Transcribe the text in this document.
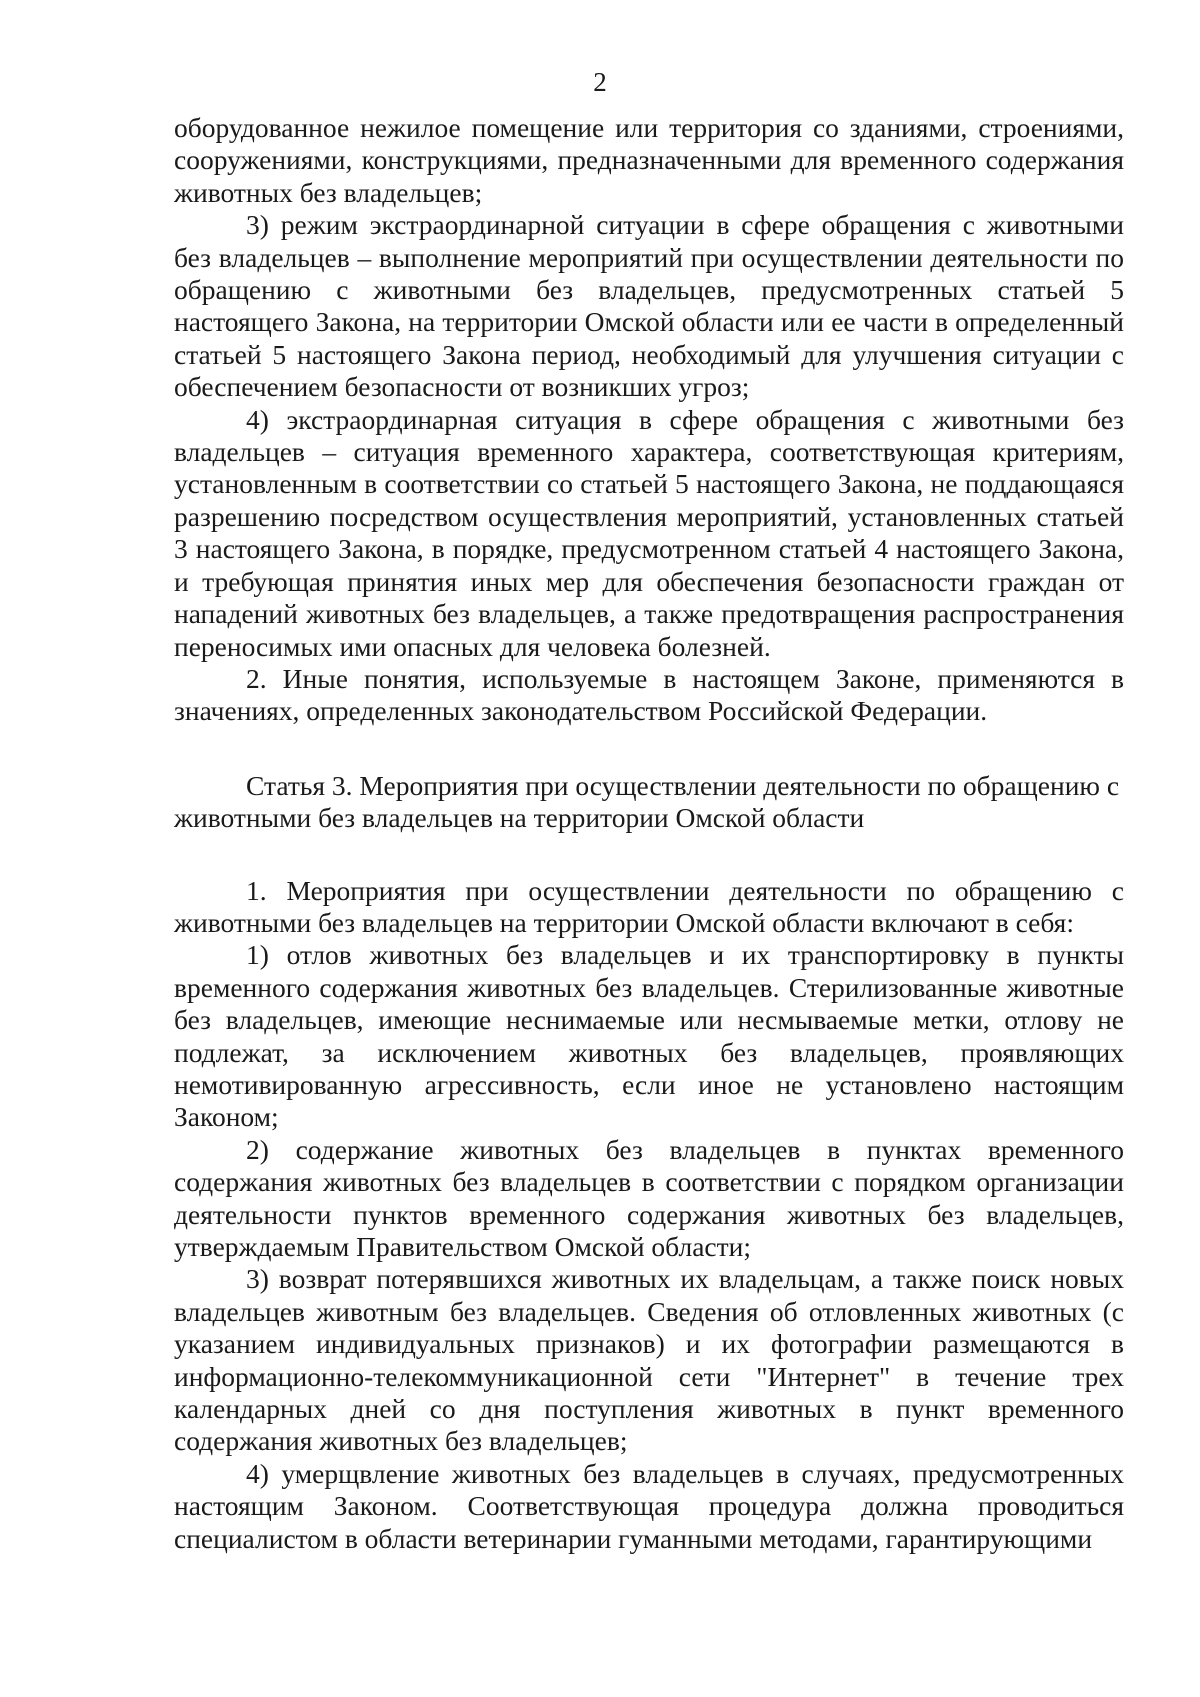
2

оборудованное нежилое помещение или территория со зданиями, строениями, сооружениями, конструкциями, предназначенными для временного содержания животных без владельцев;

3) режим экстраординарной ситуации в сфере обращения с животными без владельцев – выполнение мероприятий при осуществлении деятельности по обращению с животными без владельцев, предусмотренных статьей 5 настоящего Закона, на территории Омской области или ее части в определенный статьей 5 настоящего Закона период, необходимый для улучшения ситуации с обеспечением безопасности от возникших угроз;

4) экстраординарная ситуация в сфере обращения с животными без владельцев – ситуация временного характера, соответствующая критериям, установленным в соответствии со статьей 5 настоящего Закона, не поддающаяся разрешению посредством осуществления мероприятий, установленных статьей 3 настоящего Закона, в порядке, предусмотренном статьей 4 настоящего Закона, и требующая принятия иных мер для обеспечения безопасности граждан от нападений животных без владельцев, а также предотвращения распространения переносимых ими опасных для человека болезней.

2. Иные понятия, используемые в настоящем Законе, применяются в значениях, определенных законодательством Российской Федерации.

Статья 3. Мероприятия при осуществлении деятельности по обращению с животными без владельцев на территории Омской области

1. Мероприятия при осуществлении деятельности по обращению с животными без владельцев на территории Омской области включают в себя:

1) отлов животных без владельцев и их транспортировку в пункты временного содержания животных без владельцев. Стерилизованные животные без владельцев, имеющие неснимаемые или несмываемые метки, отлову не подлежат, за исключением животных без владельцев, проявляющих немотивированную агрессивность, если иное не установлено настоящим Законом;

2) содержание животных без владельцев в пунктах временного содержания животных без владельцев в соответствии с порядком организации деятельности пунктов временного содержания животных без владельцев, утверждаемым Правительством Омской области;

3) возврат потерявшихся животных их владельцам, а также поиск новых владельцев животным без владельцев. Сведения об отловленных животных (с указанием индивидуальных признаков) и их фотографии размещаются в информационно-телекоммуникационной сети "Интернет" в течение трех календарных дней со дня поступления животных в пункт временного содержания животных без владельцев;

4) умерщвление животных без владельцев в случаях, предусмотренных настоящим Законом. Соответствующая процедура должна проводиться специалистом в области ветеринарии гуманными методами, гарантирующими
